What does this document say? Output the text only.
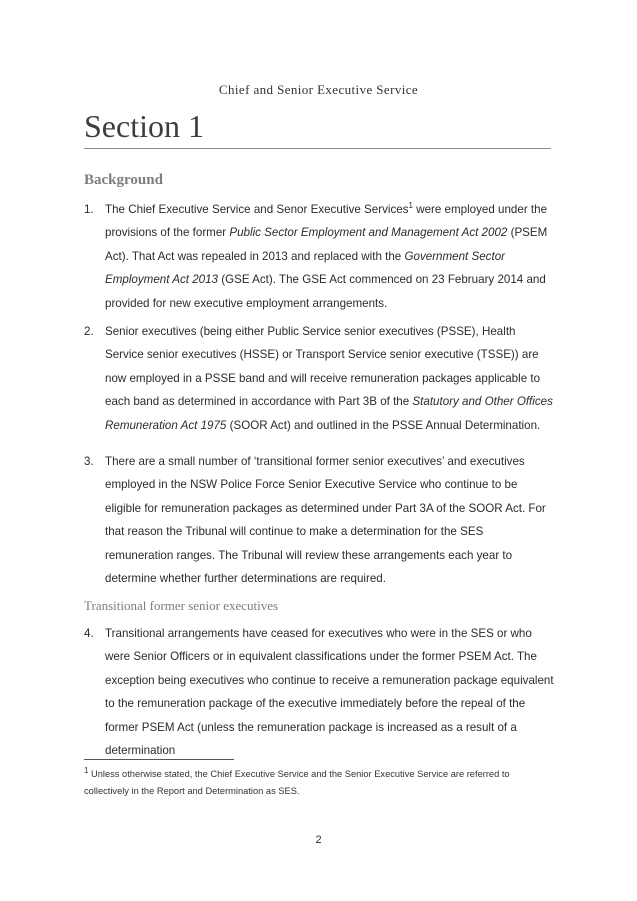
Chief and Senior Executive Service
Section 1
Background
1. The Chief Executive Service and Senor Executive Services$^1$ were employed under the provisions of the former Public Sector Employment and Management Act 2002 (PSEM Act). That Act was repealed in 2013 and replaced with the Government Sector Employment Act 2013 (GSE Act). The GSE Act commenced on 23 February 2014 and provided for new executive employment arrangements.
2. Senior executives (being either Public Service senior executives (PSSE), Health Service senior executives (HSSE) or Transport Service senior executive (TSSE)) are now employed in a PSSE band and will receive remuneration packages applicable to each band as determined in accordance with Part 3B of the Statutory and Other Offices Remuneration Act 1975 (SOOR Act) and outlined in the PSSE Annual Determination.
3. There are a small number of ‘transitional former senior executives’ and executives employed in the NSW Police Force Senior Executive Service who continue to be eligible for remuneration packages as determined under Part 3A of the SOOR Act. For that reason the Tribunal will continue to make a determination for the SES remuneration ranges. The Tribunal will review these arrangements each year to determine whether further determinations are required.
Transitional former senior executives
4. Transitional arrangements have ceased for executives who were in the SES or who were Senior Officers or in equivalent classifications under the former PSEM Act. The exception being executives who continue to receive a remuneration package equivalent to the remuneration package of the executive immediately before the repeal of the former PSEM Act (unless the remuneration package is increased as a result of a determination

$^1$ Unless otherwise stated, the Chief Executive Service and the Senior Executive Service are referred to collectively in the Report and Determination as SES.

2
